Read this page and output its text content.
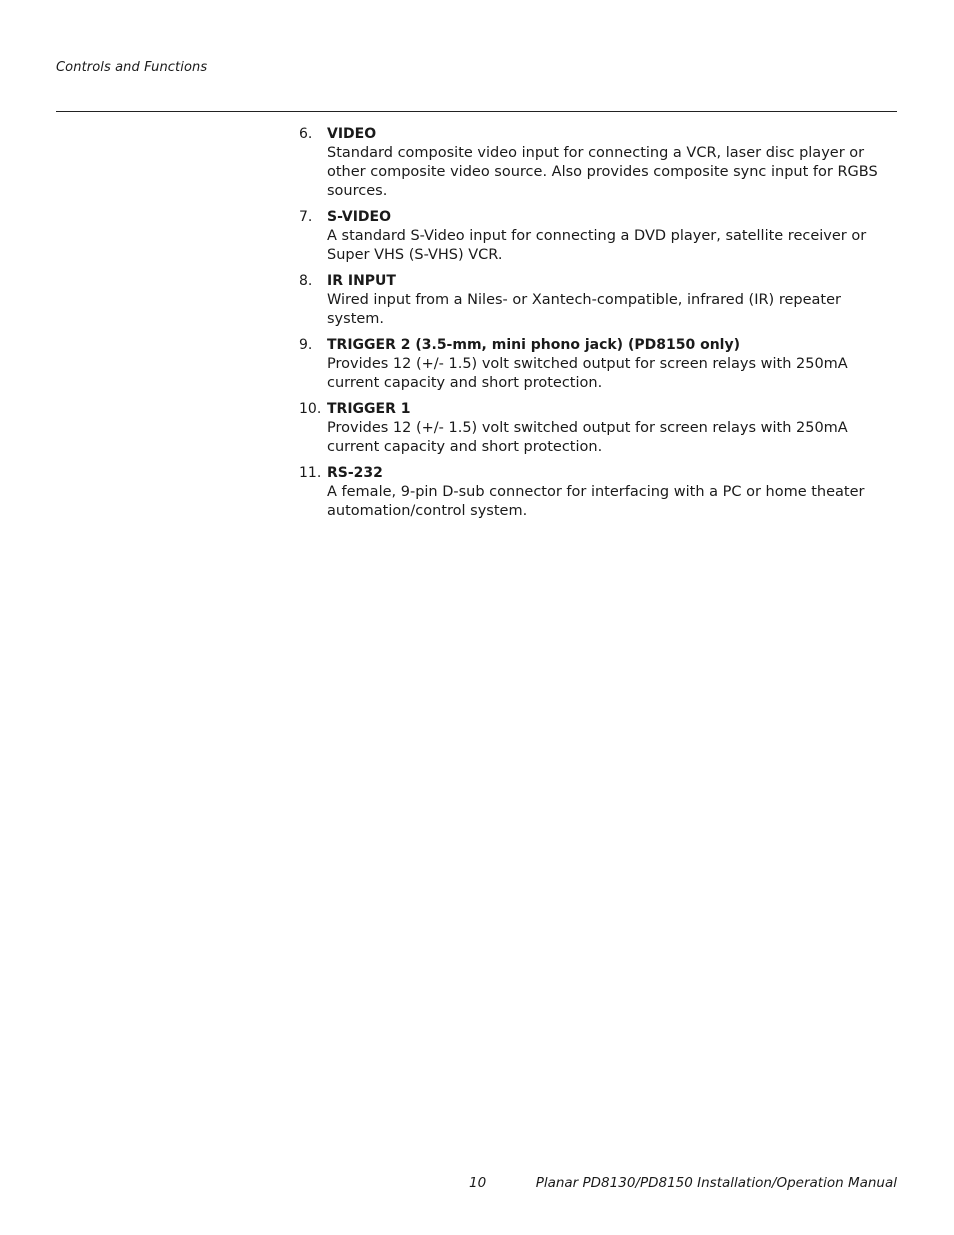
Controls and Functions
6. VIDEO
Standard composite video input for connecting a VCR, laser disc player or other composite video source. Also provides composite sync input for RGBS sources.
7. S-VIDEO
A standard S-Video input for connecting a DVD player, satellite receiver or Super VHS (S-VHS) VCR.
8. IR INPUT
Wired input from a Niles- or Xantech-compatible, infrared (IR) repeater system.
9. TRIGGER 2 (3.5-mm, mini phono jack) (PD8150 only)
Provides 12 (+/- 1.5) volt switched output for screen relays with 250mA current capacity and short protection.
10. TRIGGER 1
Provides 12 (+/- 1.5) volt switched output for screen relays with 250mA current capacity and short protection.
11. RS-232
A female, 9-pin D-sub connector for interfacing with a PC or home theater automation/control system.
10	Planar PD8130/PD8150 Installation/Operation Manual
